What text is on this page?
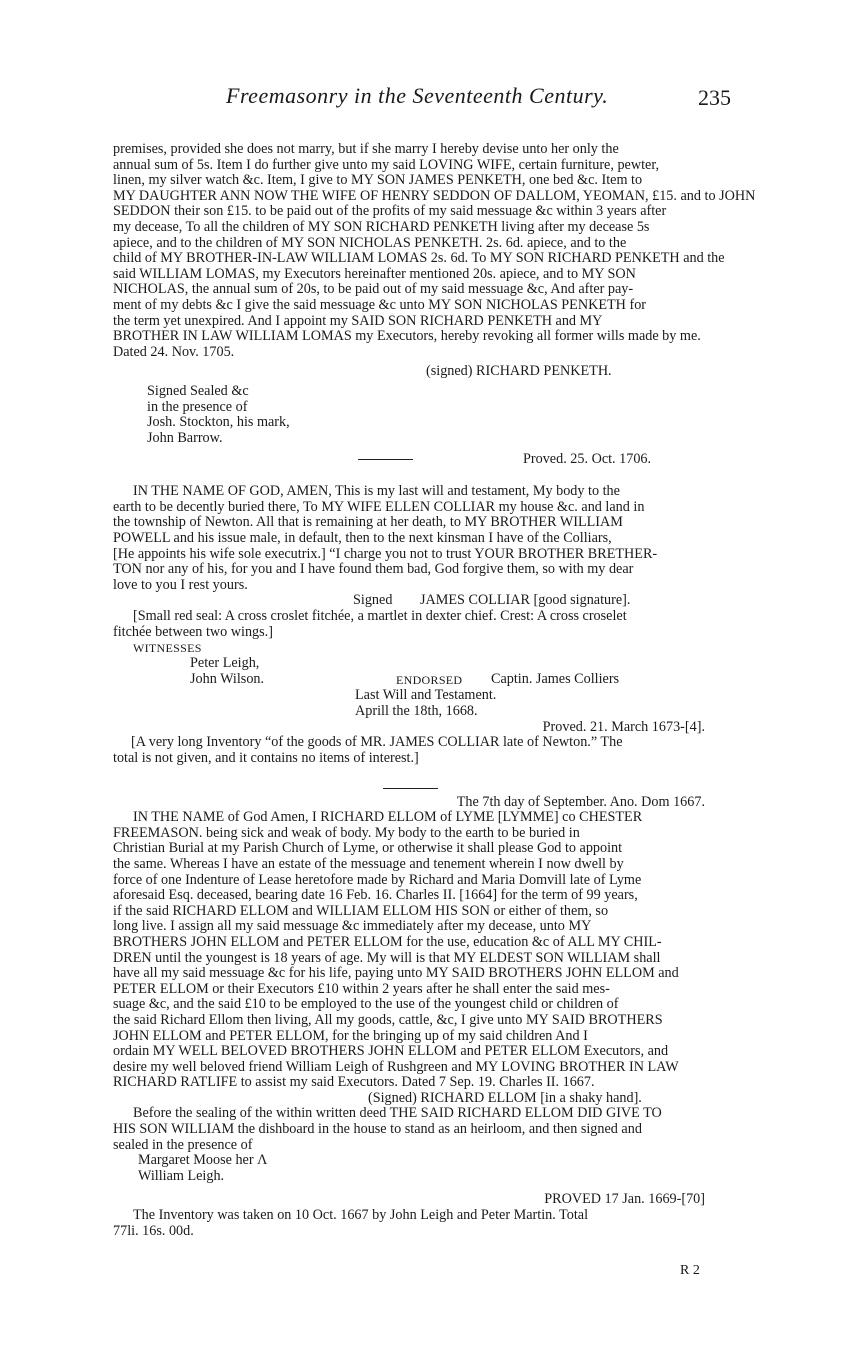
Freemasonry in the Seventeenth Century.	235
premises, provided she does not marry, but if she marry I hereby devise unto her only the
annual sum of 5s. Item I do further give unto my said LOVING WIFE, certain furniture, pewter,
linen, my silver watch &c. Item, I give to MY SON JAMES PENKETH, one bed &c. Item to
MY DAUGHTER ANN NOW THE WIFE OF HENRY SEDDON OF DALLOM, YEOMAN, £15. and to JOHN
SEDDON their son £15. to be paid out of the profits of my said messuage &c within 3 years after
my decease, To all the children of MY SON RICHARD PENKETH living after my decease 5s
apiece, and to the children of MY SON NICHOLAS PENKETH. 2s. 6d. apiece, and to the
child of MY BROTHER-IN-LAW WILLIAM LOMAS 2s. 6d. To MY SON RICHARD PENKETH and the
said WILLIAM LOMAS, my Executors hereinafter mentioned 20s. apiece, and to MY SON
NICHOLAS, the annual sum of 20s, to be paid out of my said messuage &c, And after pay-
ment of my debts &c I give the said messuage &c unto MY SON NICHOLAS PENKETH for
the term yet unexpired. And I appoint my SAID SON RICHARD PENKETH and MY
BROTHER IN LAW WILLIAM LOMAS my Executors, hereby revoking all former wills made by me.
Dated 24. Nov. 1705.

(signed) RICHARD PENKETH.

Signed Sealed &c
in the presence of
Josh. Stockton, his mark,
John Barrow.
Proved. 25. Oct. 1706.
IN THE NAME OF GOD, AMEN, This is my last will and testament, My body to the
earth to be decently buried there, To MY WIFE ELLEN COLLIAR my house &c. and land in
the township of Newton. All that is remaining at her death, to MY BROTHER WILLIAM
POWELL and his issue male, in default, then to the next kinsman I have of the Colliars,
[He appoints his wife sole executrix.] “I charge you not to trust YOUR BROTHER BRETHER-
TON nor any of his, for you and I have found them bad, God forgive them, so with my dear
love to you I rest yours.
Signed JAMES COLLIAR [good signature].
[Small red seal: A cross croslet fitchée, a martlet in dexter chief. Crest: A cross croselet
fitchée between two wings.]
WITNESSES
Peter Leigh,
John Wilson.	ENDORSED Captin. James Colliers
Last Will and Testament.
Aprill the 18th, 1668.

Proved. 21. March 1673-[4].

[A very long Inventory “of the goods of MR. JAMES COLLIAR late of Newton.” The
total is not given, and it contains no items of interest.]

The 7th day of September. Ano. Dom 1667.

IN THE NAME of God Amen, I RICHARD ELLOM of LYME [LYMME] co CHESTER
FREEMASON. being sick and weak of body. My body to the earth to be buried in
Christian Burial at my Parish Church of Lyme, or otherwise it shall please God to appoint
the same. Whereas I have an estate of the messuage and tenement wherein I now dwell by
force of one Indenture of Lease heretofore made by Richard and Maria Domvill late of Lyme
aforesaid Esq. deceased, bearing date 16 Feb. 16. Charles II. [1664] for the term of 99 years,
if the said RICHARD ELLOM and WILLIAM ELLOM HIS SON or either of them, so
long live. I assign all my said messuage &c immediately after my decease, unto MY
BROTHERS JOHN ELLOM and PETER ELLOM for the use, education &c of ALL MY CHIL-
DREN until the youngest is 18 years of age. My will is that MY ELDEST SON WILLIAM shall
have all my said messuage &c for his life, paying unto MY SAID BROTHERS JOHN ELLOM and
PETER ELLOM or their Executors £10 within 2 years after he shall enter the said mes-
suage &c, and the said £10 to be employed to the use of the youngest child or children of
the said Richard Ellom then living, All my goods, cattle, &c, I give unto MY SAID BROTHERS
JOHN ELLOM and PETER ELLOM, for the bringing up of my said children And I
ordain MY WELL BELOVED BROTHERS JOHN ELLOM and PETER ELLOM Executors, and
desire my well beloved friend William Leigh of Rushgreen and MY LOVING BROTHER IN LAW
RICHARD RATLIFE to assist my said Executors. Dated 7 Sep. 19. Charles II. 1667.

(Signed) RICHARD ELLOM [in a shaky hand].

Before the sealing of the within written deed THE SAID RICHARD ELLOM DID GIVE TO
HIS SON WILLIAM the dishboard in the house to stand as an heirloom, and then signed and
sealed in the presence of
Margaret Moose her Λ
William Leigh.

PROVED 17 Jan. 1669-[70]

The Inventory was taken on 10 Oct. 1667 by John Leigh and Peter Martin. Total
77li. 16s. 00d.
R 2
